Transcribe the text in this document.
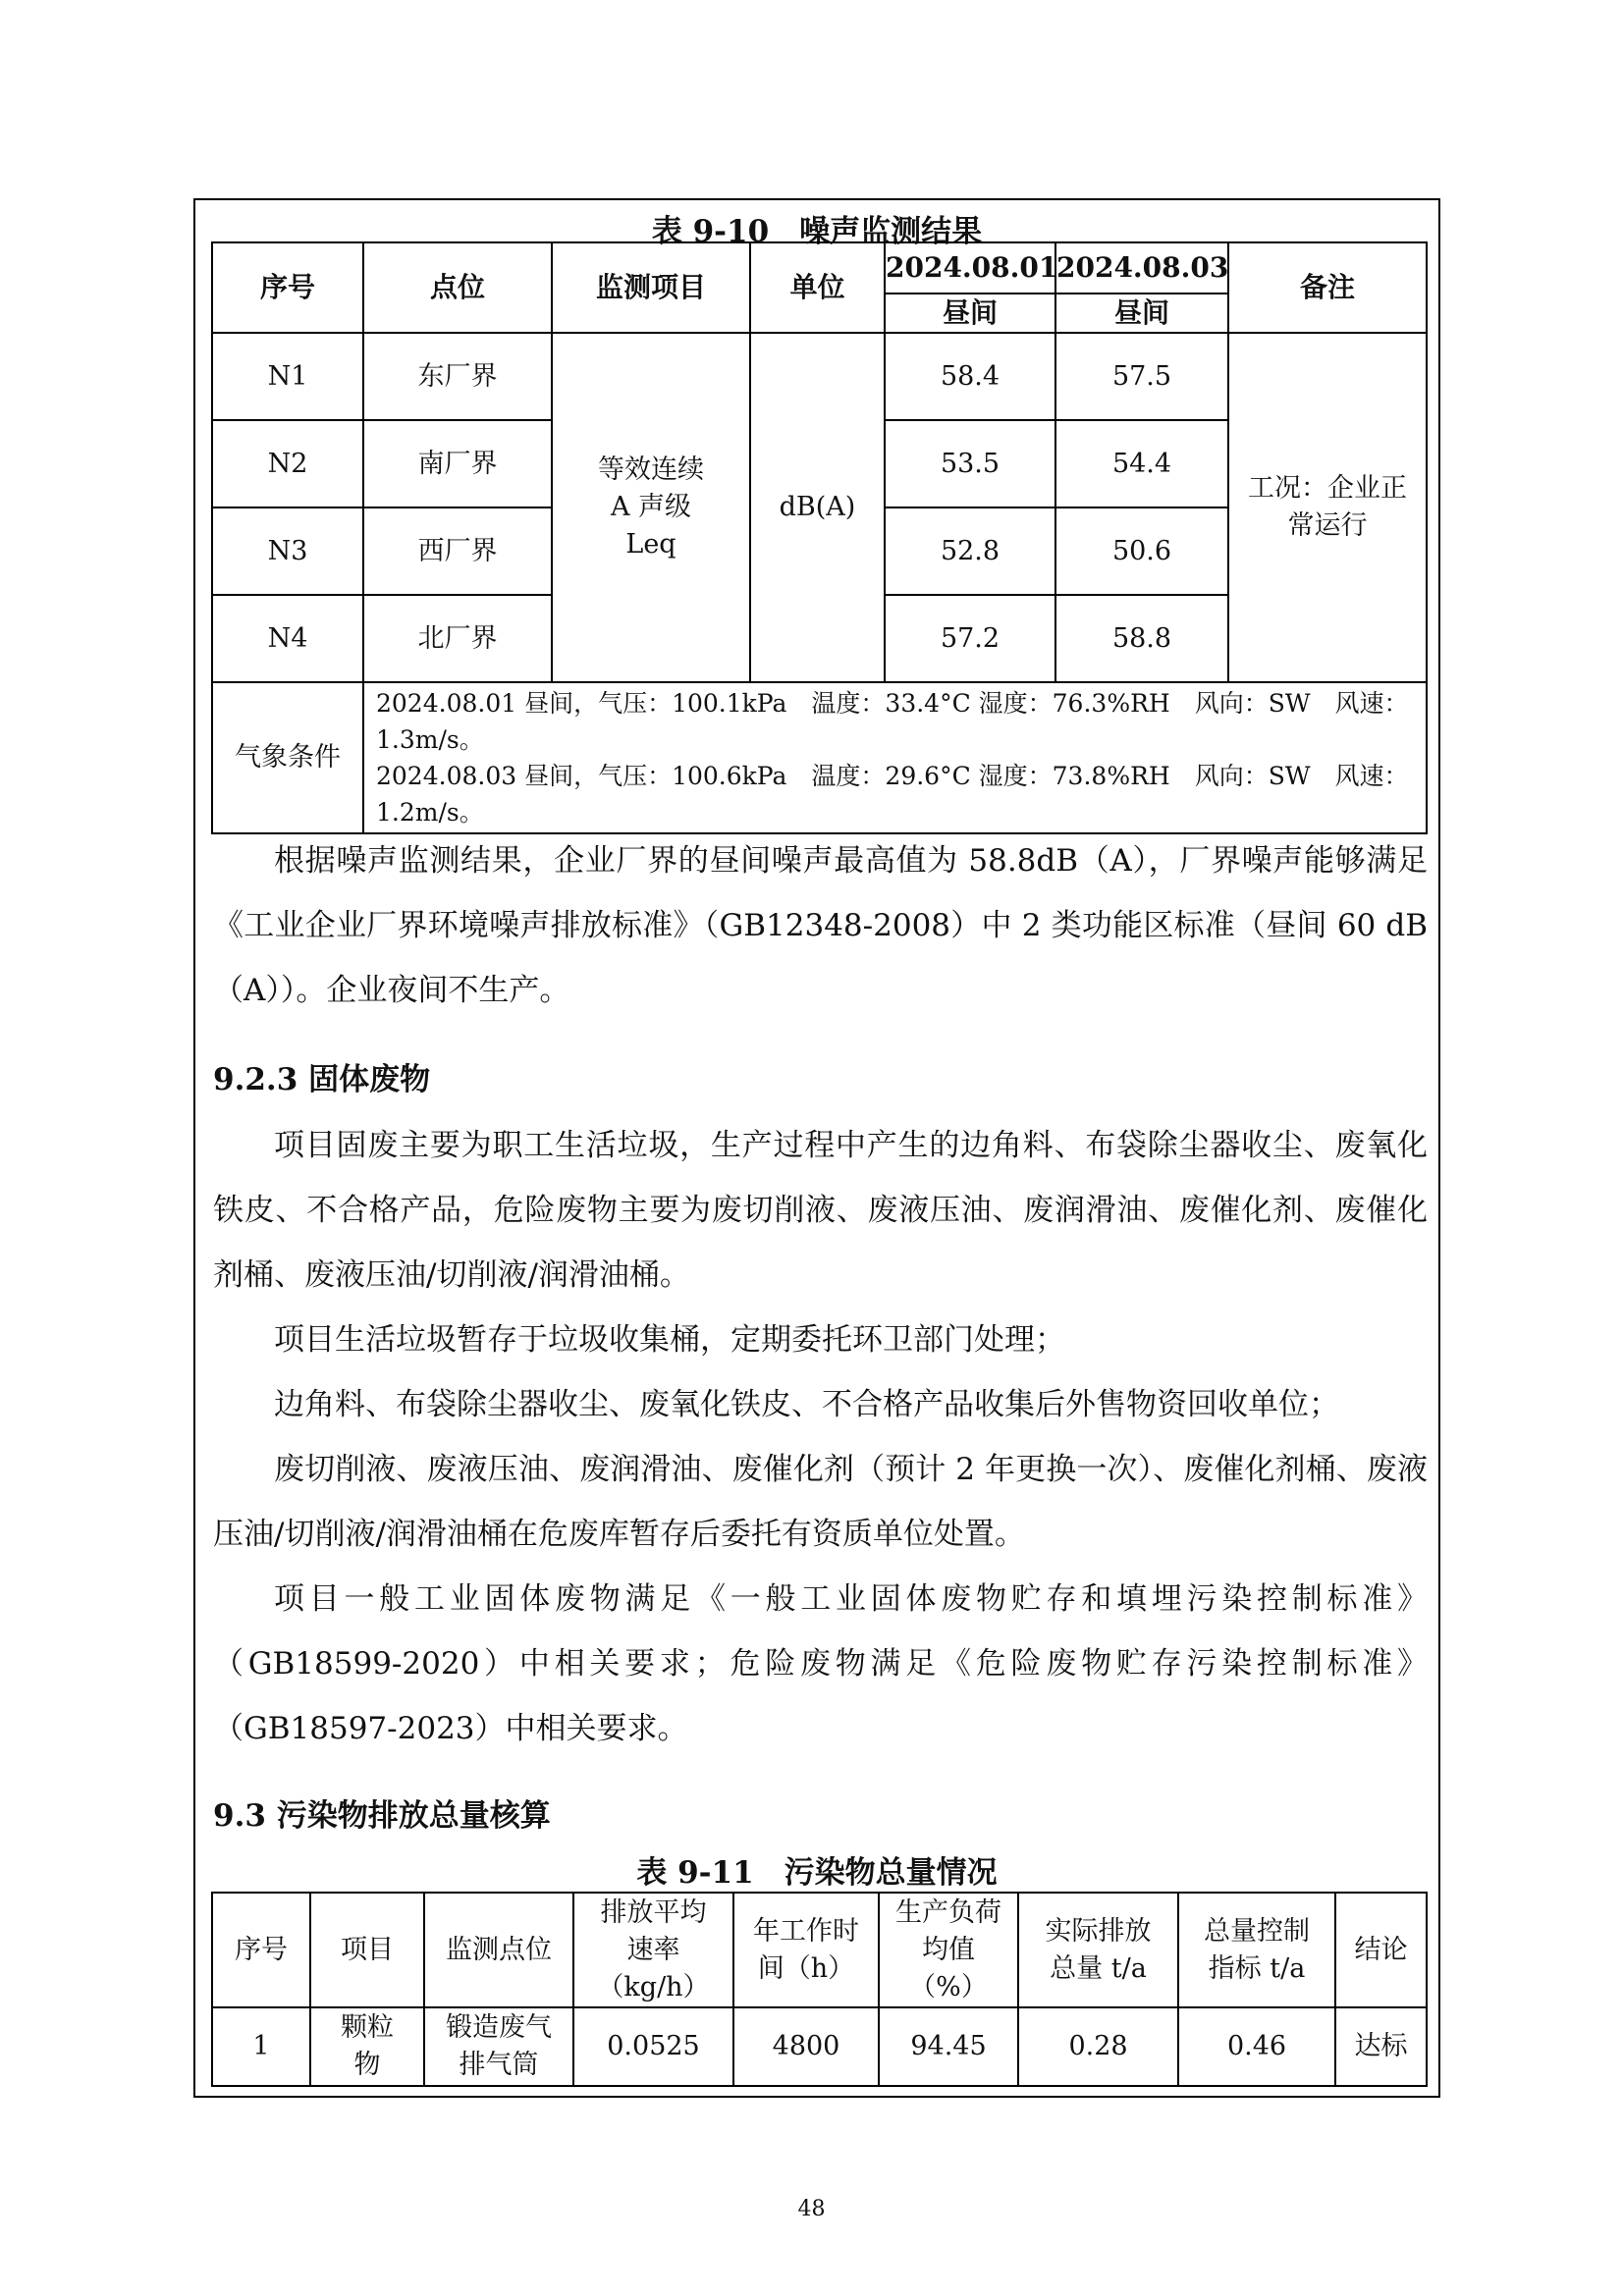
表 9-10　噪声监测结果
序号	点位	监测项目	单位	2024.08.01	2024.08.03	备注
				昼间	昼间	
N1	东厂界	等效连续 A 声级 Leq	dB(A)	58.4	57.5	工况：企业正常运行
N2	南厂界			53.5	54.4	
N3	西厂界			52.8	50.6	
N4	北厂界			57.2	58.8	
气象条件	2024.08.01 昼间，气压：100.1kPa　温度：33.4°C 湿度：76.3%RH　风向：SW　风速：1.3m/s。
2024.08.03 昼间，气压：100.6kPa　温度：29.6°C 湿度：73.8%RH　风向：SW　风速：1.2m/s。					

根据噪声监测结果，企业厂界的昼间噪声最高值为 58.8dB（A），厂界噪声能够满足《工业企业厂界环境噪声排放标准》（GB12348-2008）中 2 类功能区标准（昼间 60 dB（A））。企业夜间不生产。

9.2.3 固体废物

项目固废主要为职工生活垃圾，生产过程中产生的边角料、布袋除尘器收尘、废氧化铁皮、不合格产品，危险废物主要为废切削液、废液压油、废润滑油、废催化剂、废催化剂桶、废液压油/切削液/润滑油桶。

项目生活垃圾暂存于垃圾收集桶，定期委托环卫部门处理；

边角料、布袋除尘器收尘、废氧化铁皮、不合格产品收集后外售物资回收单位；

废切削液、废液压油、废润滑油、废催化剂（预计 2 年更换一次）、废催化剂桶、废液压油/切削液/润滑油桶在危废库暂存后委托有资质单位处置。

项目一般工业固体废物满足《一般工业固体废物贮存和填埋污染控制标准》（GB18599-2020）中相关要求；危险废物满足《危险废物贮存污染控制标准》（GB18597-2023）中相关要求。

9.3 污染物排放总量核算
表 9-11　污染物总量情况
序号	项目	监测点位	排放平均速率（kg/h）	年工作时间（h）	生产负荷均值（%）	实际排放总量 t/a	总量控制指标 t/a	结论
1	颗粒物	锻造废气排气筒	0.0525	4800	94.45	0.28	0.46	达标
48
